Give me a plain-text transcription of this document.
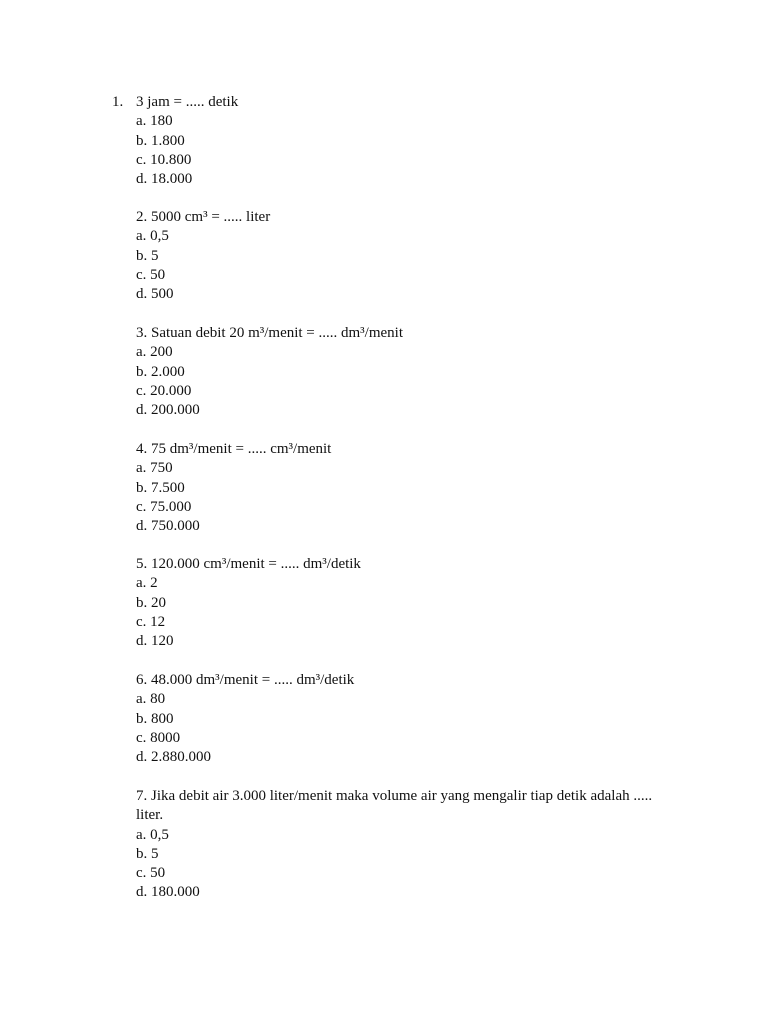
1. 3 jam = ..... detik
a. 180
b. 1.800
c. 10.800
d. 18.000
2. 5000 cm³ = ..... liter
a. 0,5
b. 5
c. 50
d. 500
3. Satuan debit 20 m³/menit = ..... dm³/menit
a. 200
b. 2.000
c. 20.000
d. 200.000
4. 75 dm³/menit = ..... cm³/menit
a. 750
b. 7.500
c. 75.000
d. 750.000
5. 120.000 cm³/menit = ..... dm³/detik
a. 2
b. 20
c. 12
d. 120
6. 48.000 dm³/menit = ..... dm³/detik
a. 80
b. 800
c. 8000
d. 2.880.000
7. Jika debit air 3.000 liter/menit maka volume air yang mengalir tiap detik adalah ..... liter.
a. 0,5
b. 5
c. 50
d. 180.000
